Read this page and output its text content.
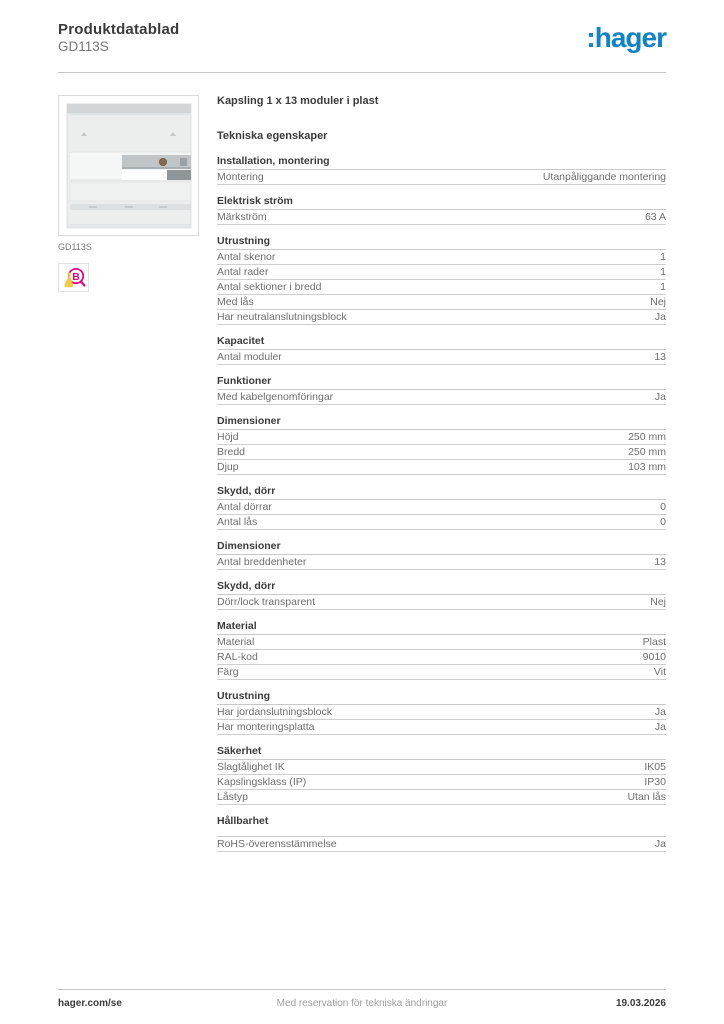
Produktdatablad
GD113S	:hager
GD113S
B
Kapsling 1 x 13 moduler i plast
Tekniska egenskaper
Installation, montering
Montering	Utanpåliggande montering
Elektrisk ström
Märkström	63 A
Utrustning
Antal skenor	1
Antal rader	1
Antal sektioner i bredd	1
Med lås	Nej
Har neutralanslutningsblock	Ja
Kapacitet
Antal moduler	13
Funktioner
Med kabelgenomföringar	Ja
Dimensioner
Höjd	250 mm
Bredd	250 mm
Djup	103 mm
Skydd, dörr
Antal dörrar	0
Antal lås	0
Dimensioner
Antal breddenheter	13
Skydd, dörr
Dörr/lock transparent	Nej
Material
Material	Plast
RAL-kod	9010
Färg	Vit
Utrustning
Har jordanslutningsblock	Ja
Har monteringsplatta	Ja
Säkerhet
Slagtålighet IK	IK05
Kapslingsklass (IP)	IP30
Låstyp	Utan lås
Hållbarhet
RoHS-överensstämmelse	Ja
hager.com/se	Med reservation för tekniska ändringar	19.03.2026
